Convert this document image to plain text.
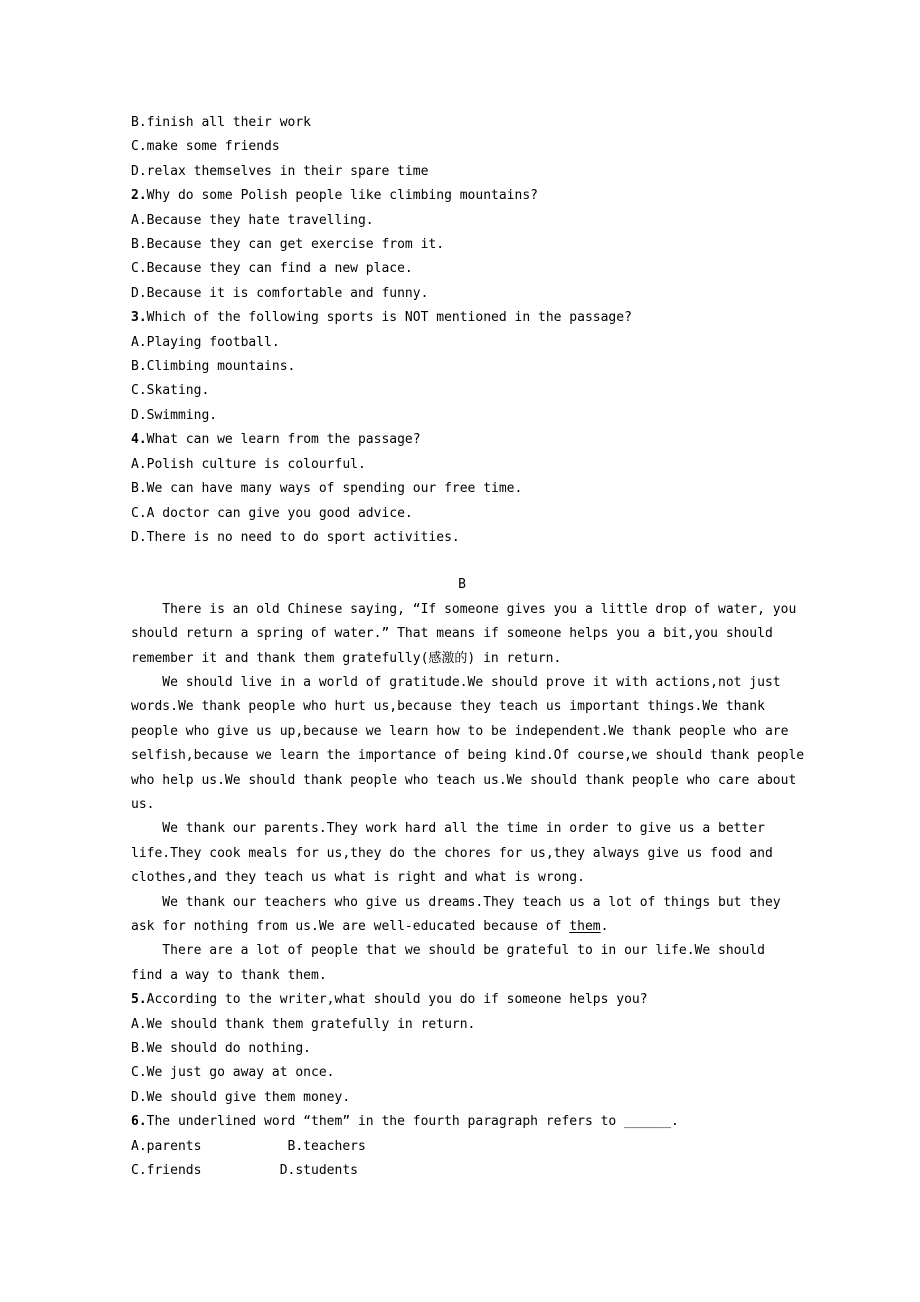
B.finish all their work
C.make some friends
D.relax themselves in their spare time
2.Why do some Polish people like climbing mountains?
A.Because they hate travelling.
B.Because they can get exercise from it.
C.Because they can find a new place.
D.Because it is comfortable and funny.
3.Which of the following sports is NOT mentioned in the passage?
A.Playing football.
B.Climbing mountains.
C.Skating.
D.Swimming.
4.What can we learn from the passage?
A.Polish culture is colourful.
B.We can have many ways of spending our free time.
C.A doctor can give you good advice.
D.There is no need to do sport activities.
B
There is an old Chinese saying, “If someone gives you a little drop of water, you
should return a spring of water.” That means if someone helps you a bit,you should
remember it and thank them gratefully(感激的) in return.
We should live in a world of gratitude.We should prove it with actions,not just
words.We thank people who hurt us,because they teach us important things.We thank
people who give us up,because we learn how to be independent.We thank people who are
selfish,because we learn the importance of being kind.Of course,we should thank people
who help us.We should thank people who teach us.We should thank people who care about
us.
We thank our parents.They work hard all the time in order to give us a better
life.They cook meals for us,they do the chores for us,they always give us food and
clothes,and they teach us what is right and what is wrong.
We thank our teachers who give us dreams.They teach us a lot of things but they
ask for nothing from us.We are well-educated because of them.
There are a lot of people that we should be grateful to in our life.We should
find a way to thank them.
5.According to the writer,what should you do if someone helps you?
A.We should thank them gratefully in return.
B.We should do nothing.
C.We just go away at once.
D.We should give them money.
6.The underlined word “them” in the fourth paragraph refers to ______.
A.parents           B.teachers
C.friends          D.students
